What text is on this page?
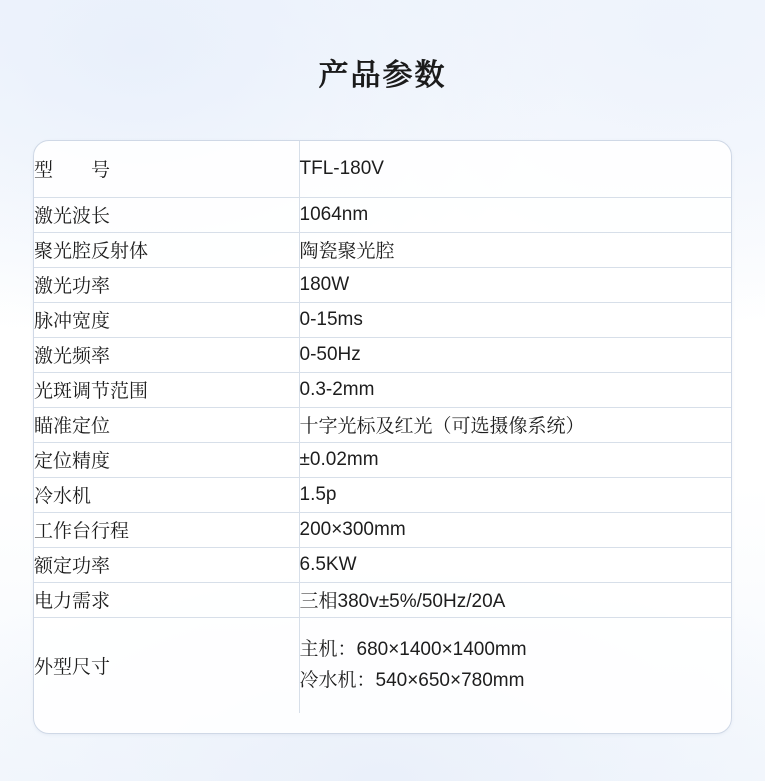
产品参数
型　　号	TFL-180V
激光波长	1064nm
聚光腔反射体	陶瓷聚光腔
激光功率	180W
脉冲宽度	0-15ms
激光频率	0-50Hz
光斑调节范围	0.3-2mm
瞄准定位	十字光标及红光（可选摄像系统）
定位精度	±0.02mm
冷水机	1.5p
工作台行程	200×300mm
额定功率	6.5KW
电力需求	三相380v±5%/50Hz/20A
外型尺寸	主机：680×1400×1400mm
冷水机：540×650×780mm
